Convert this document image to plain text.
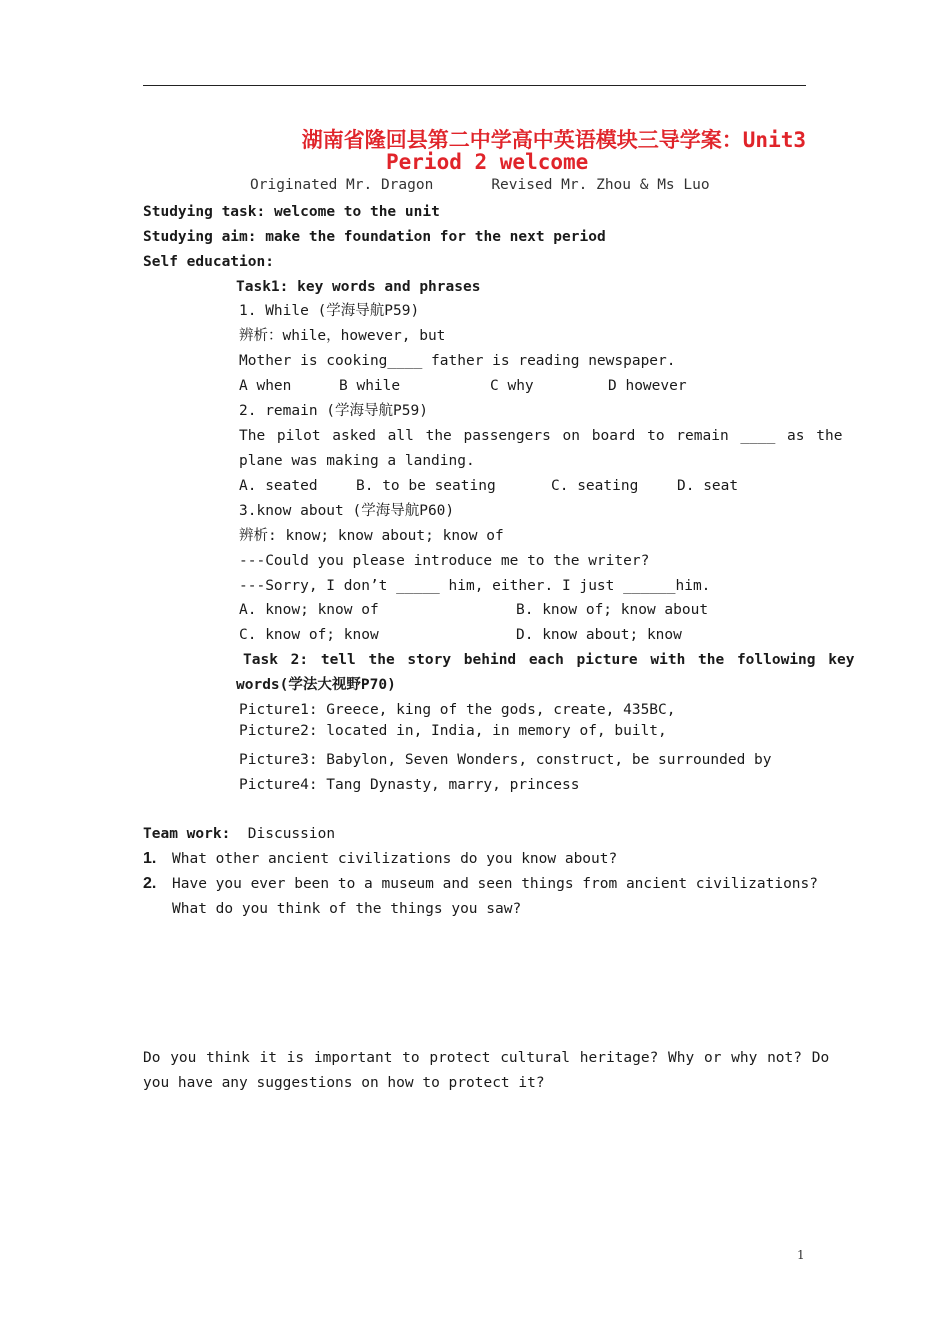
湖南省隆回县第二中学高中英语模块三导学案：Unit3
Period 2 welcome
Originated Mr. Dragon	Revised Mr. Zhou & Ms Luo
Studying task: welcome to the unit
Studying aim: make the foundation for the next period
Self education:
Task1: key words and phrases
1. While (学海导航P59)
辨析：while，however, but
Mother is cooking____ father is reading newspaper.
A when	B while	C why	D however
2. remain (学海导航P59)
The pilot asked all the passengers on board to remain ____ as the
plane was making a landing.
A. seated	B. to be seating	C. seating	D. seat
3.know about (学海导航P60)
辨析: know; know about; know of
---Could you please introduce me to the writer?
---Sorry, I don’t _____ him, either. I just ______him.
A. know; know of	B. know of; know about
C. know of; know	D. know about; know
Task 2: tell the story behind each picture with the following key
words(学法大视野P70)
Picture1: Greece, king of the gods, create, 435BC,
Picture2: located in, India, in memory of, built,
Picture3: Babylon, Seven Wonders, construct, be surrounded by
Picture4: Tang Dynasty, marry, princess
Team work: Discussion
1. What other ancient civilizations do you know about?
2. Have you ever been to a museum and seen things from ancient civilizations?
What do you think of the things you saw?
Do you think it is important to protect cultural heritage? Why or why not? Do
you have any suggestions on how to protect it?
1
